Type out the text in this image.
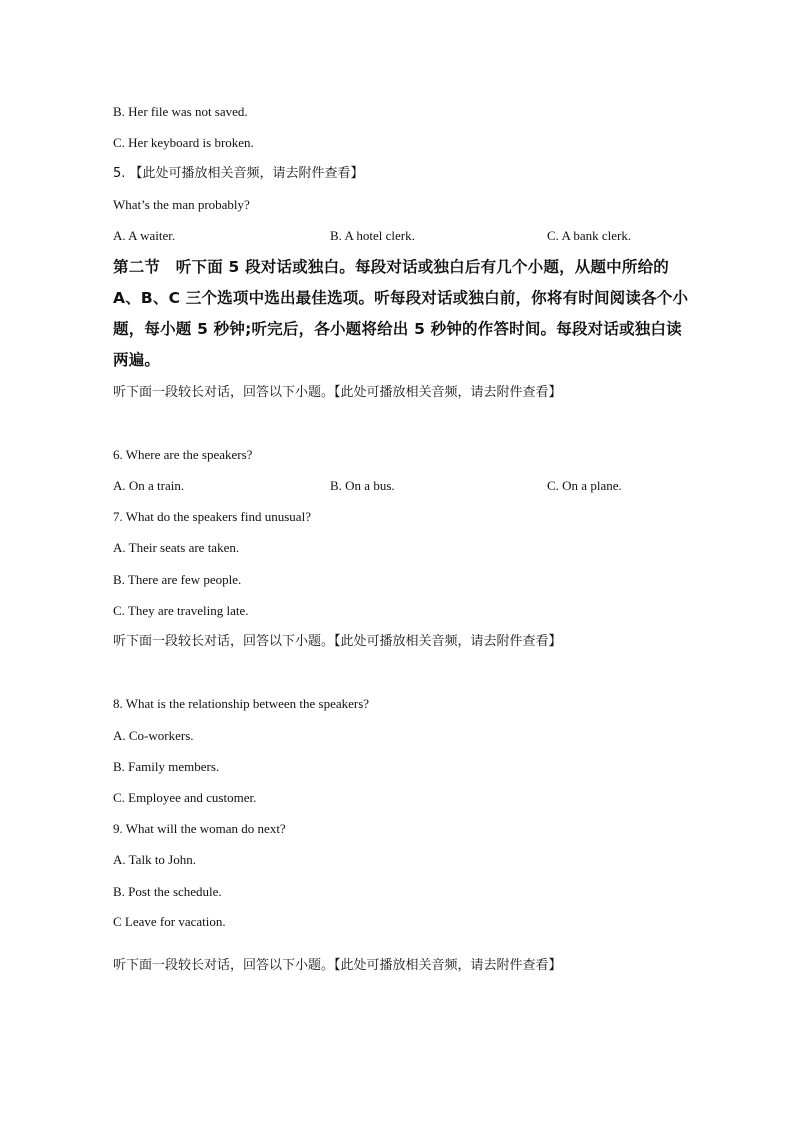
B. Her file was not saved.
C. Her keyboard is broken.
5. 【此处可播放相关音频，请去附件查看】
What’s the man probably?
A. A waiter.	B. A hotel clerk.	C. A bank clerk.
第二节　听下面 5 段对话或独白。每段对话或独白后有几个小题，从题中所给的 A、B、C 三个选项中选出最佳选项。听每段对话或独白前，你将有时间阅读各个小题，每小题 5 秒钟;听完后，各小题将给出 5 秒钟的作答时间。每段对话或独白读两遍。
听下面一段较长对话，回答以下小题。【此处可播放相关音频，请去附件查看】
6. Where are the speakers?
A. On a train.	B. On a bus.	C. On a plane.
7. What do the speakers find unusual?
A. Their seats are taken.
B. There are few people.
C. They are traveling late.
听下面一段较长对话，回答以下小题。【此处可播放相关音频，请去附件查看】
8. What is the relationship between the speakers?
A. Co-workers.
B. Family members.
C. Employee and customer.
9. What will the woman do next?
A. Talk to John.
B. Post the schedule.
C Leave for vacation.
听下面一段较长对话，回答以下小题。【此处可播放相关音频，请去附件查看】
